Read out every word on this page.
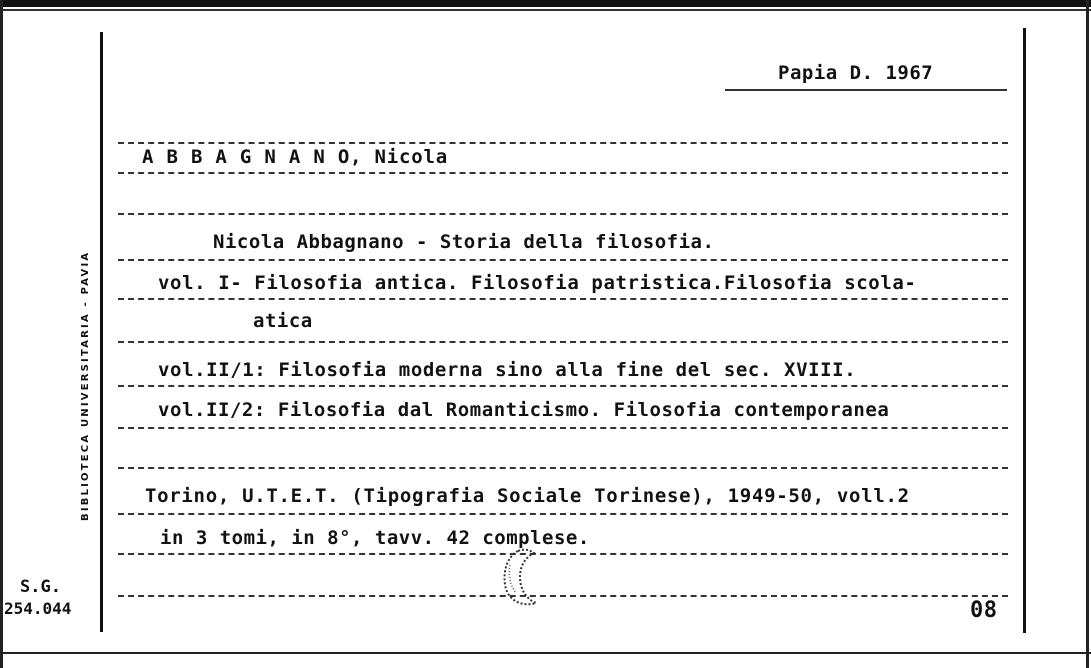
Papia D. 1967
A B B A G N A N O, Nicola
Nicola Abbagnano - Storia della filosofia.
vol. I- Filosofia antica. Filosofia patristica.Filosofia scola-
atica
vol.II/1: Filosofia moderna sino alla fine del sec. XVIII.
vol.II/2: Filosofia dal Romanticismo. Filosofia contemporanea
Torino, U.T.E.T. (Tipografia Sociale Torinese), 1949-50, voll.2
in 3 tomi, in 8°, tavv. 42 complese.
BIBLIOTECA UNIVERSITARIA - PAVIA
S.G.
254.044	08
